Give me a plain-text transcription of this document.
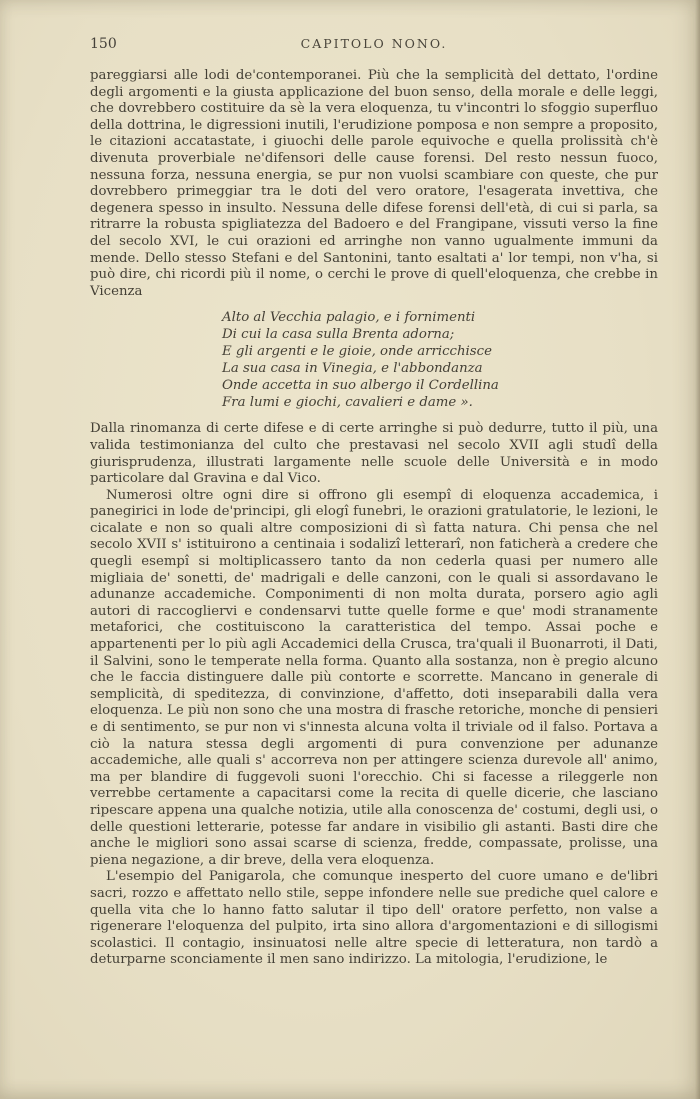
150	CAPITOLO NONO.

pareggiarsi alle lodi de'contemporanei. Più che la semplicità del dettato, l'ordine degli argomenti e la giusta applicazione del buon senso, della morale e delle leggi, che dovrebbero costituire da sè la vera eloquenza, tu v'incontri lo sfoggio superfluo della dottrina, le digressioni inutili, l'erudizione pomposa e non sempre a proposito, le citazioni accatastate, i giuochi delle parole equivoche e quella prolissità ch'è divenuta proverbiale ne'difensori delle cause forensi. Del resto nessun fuoco, nessuna forza, nessuna energia, se pur non vuolsi scambiare con queste, che pur dovrebbero primeggiar tra le doti del vero oratore, l'esagerata invettiva, che degenera spesso in insulto. Nessuna delle difese forensi dell'età, di cui si parla, sa ritrarre la robusta spigliatezza del Badoero e del Frangipane, vissuti verso la fine del secolo XVI, le cui orazioni ed arringhe non vanno ugualmente immuni da mende. Dello stesso Stefani e del Santonini, tanto esaltati a' lor tempi, non v'ha, si può dire, chi ricordi più il nome, o cerchi le prove di quell'eloquenza, che crebbe in Vicenza

Alto al Vecchia palagio, e i fornimenti
Di cui la casa sulla Brenta adorna;
E gli argenti e le gioie, onde arricchisce
La sua casa in Vinegia, e l'abbondanza
Onde accetta in suo albergo il Cordellina
Fra lumi e giochi, cavalieri e dame ».

Dalla rinomanza di certe difese e di certe arringhe si può dedurre, tutto il più, una valida testimonianza del culto che prestavasi nel secolo XVII agli studî della giurisprudenza, illustrati largamente nelle scuole delle Università e in modo particolare dal Gravina e dal Vico.

Numerosi oltre ogni dire si offrono gli esempî di eloquenza accademica, i panegirici in lode de'principi, gli elogî funebri, le orazioni gratulatorie, le lezioni, le cicalate e non so quali altre composizioni di sì fatta natura. Chi pensa che nel secolo XVII s' istituirono a centinaia i sodalizî letterarî, non faticherà a credere che quegli esempî si moltiplicassero tanto da non cederla quasi per numero alle migliaia de' sonetti, de' madrigali e delle canzoni, con le quali si assordavano le adunanze accademiche. Componimenti di non molta durata, porsero agio agli autori di raccogliervi e condensarvi tutte quelle forme e que' modi stranamente metaforici, che costituiscono la caratteristica del tempo. Assai poche e appartenenti per lo più agli Accademici della Crusca, tra'quali il Buonarroti, il Dati, il Salvini, sono le temperate nella forma. Quanto alla sostanza, non è pregio alcuno che le faccia distinguere dalle più contorte e scorrette. Mancano in generale di semplicità, di speditezza, di convinzione, d'affetto, doti inseparabili dalla vera eloquenza. Le più non sono che una mostra di frasche retoriche, monche di pensieri e di sentimento, se pur non vi s'innesta alcuna volta il triviale od il falso. Portava a ciò la natura stessa degli argomenti di pura convenzione per adunanze accademiche, alle quali s' accorreva non per attingere scienza durevole all' animo, ma per blandire di fuggevoli suoni l'orecchio. Chi si facesse a rileggerle non verrebbe certamente a capacitarsi come la recita di quelle dicerie, che lasciano ripescare appena una qualche notizia, utile alla conoscenza de' costumi, degli usi, o delle questioni letterarie, potesse far andare in visibilio gli astanti. Basti dire che anche le migliori sono assai scarse di scienza, fredde, compassate, prolisse, una piena negazione, a dir breve, della vera eloquenza.

L'esempio del Panigarola, che comunque inesperto del cuore umano e de'libri sacri, rozzo e affettato nello stile, seppe infondere nelle sue prediche quel calore e quella vita che lo hanno fatto salutar il tipo dell' oratore perfetto, non valse a rigenerare l'eloquenza del pulpito, irta sino allora d'argomentazioni e di sillogismi scolastici. Il contagio, insinuatosi nelle altre specie di letteratura, non tardò a deturparne sconciamente il men sano indirizzo. La mitologia, l'erudizione, le
